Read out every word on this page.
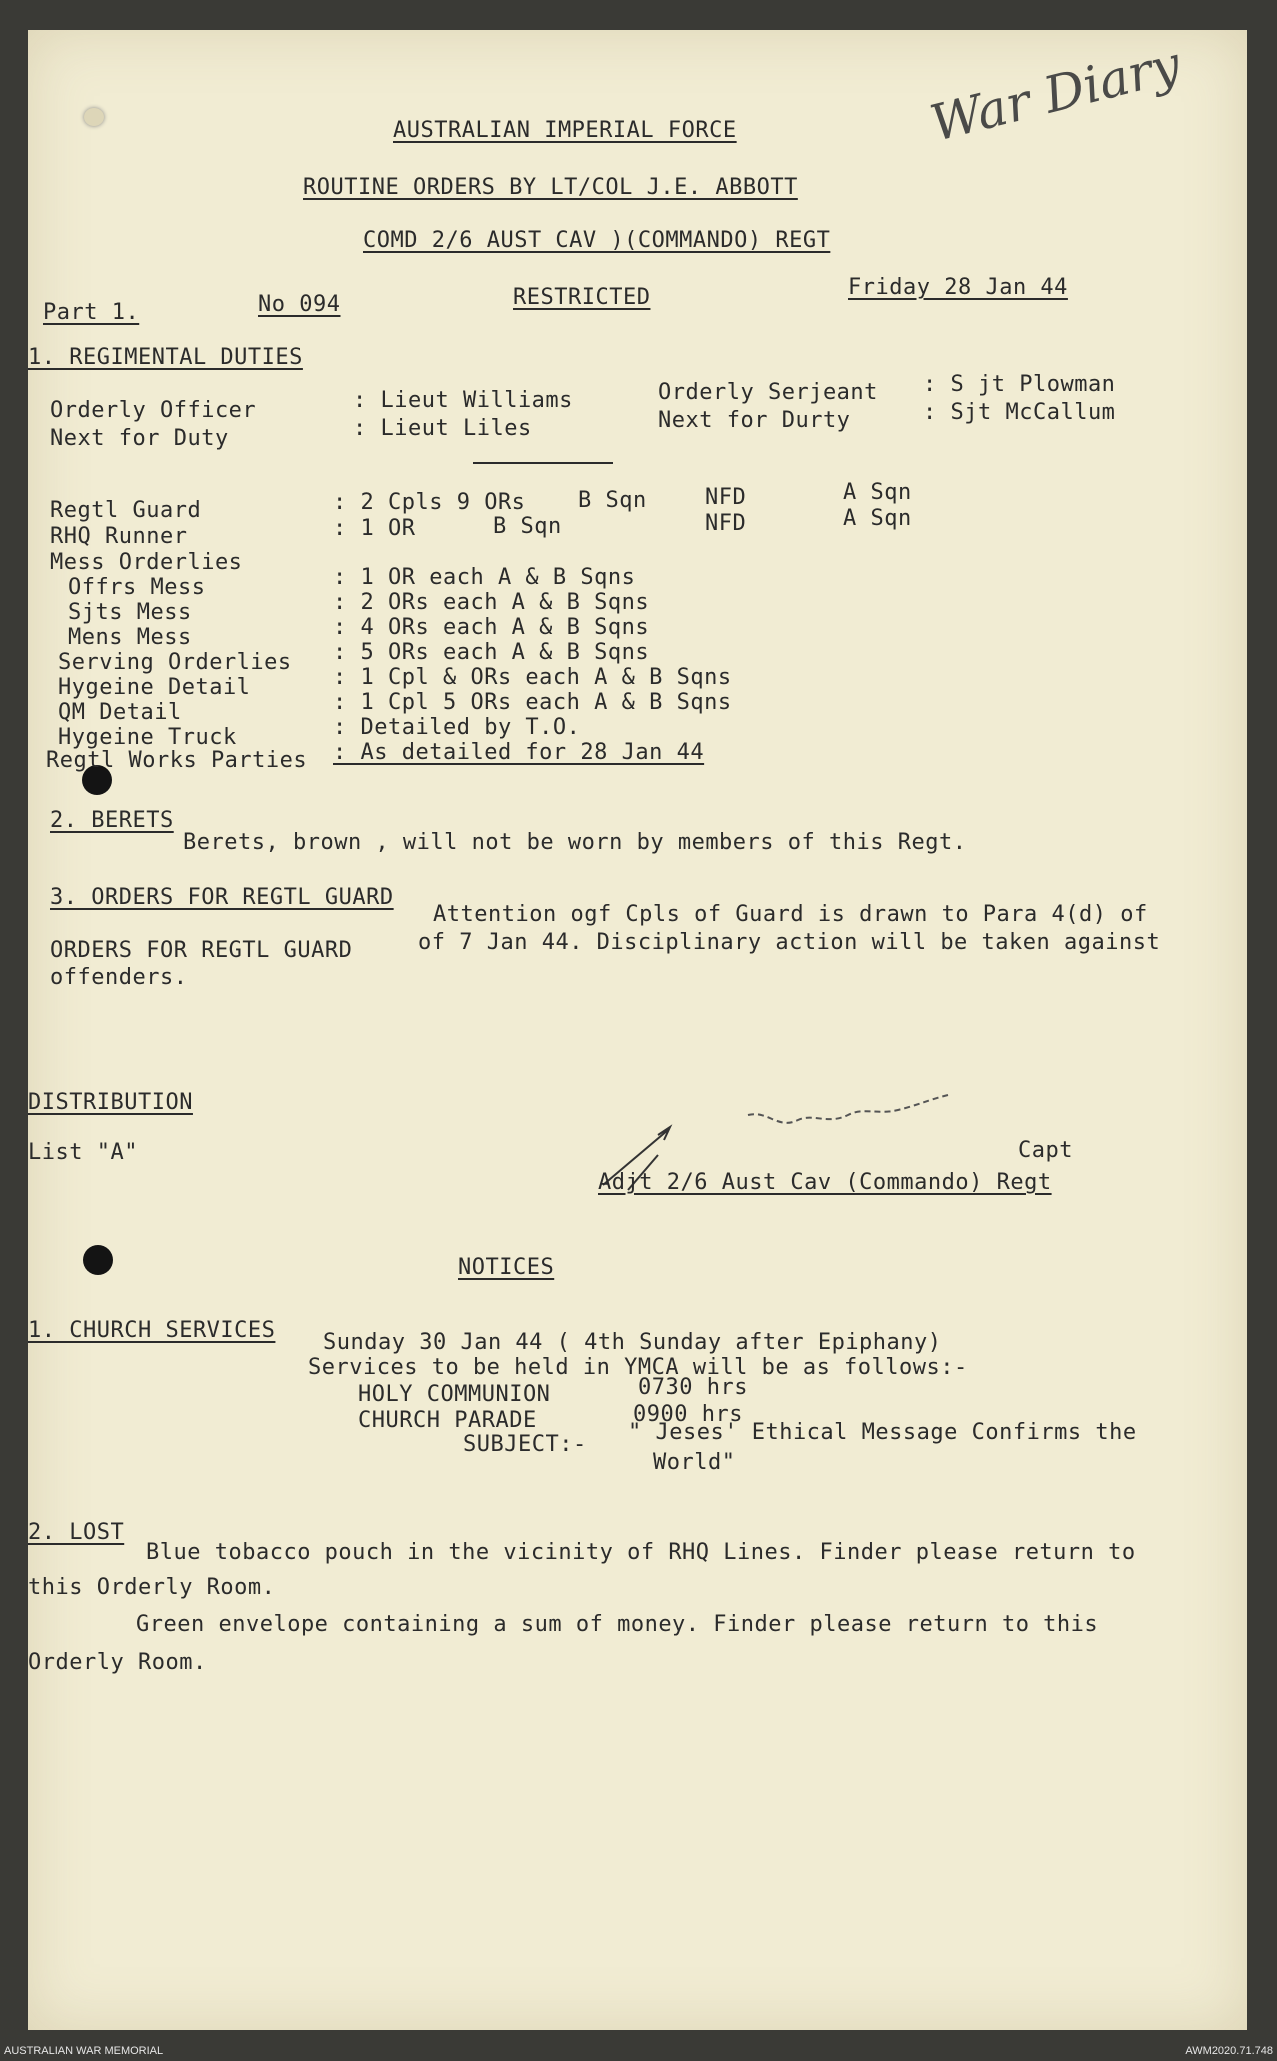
War Diary
AUSTRALIAN IMPERIAL FORCE
ROUTINE ORDERS BY LT/COL J.E. ABBOTT
COMD 2/6 AUST CAV )(COMMANDO) REGT
Part 1.	No 094	RESTRICTED	Friday 28 Jan 44
1. REGIMENTAL DUTIES
Orderly Officer	: Lieut Williams
Next for Duty	: Lieut Liles
Orderly Serjeant : S jt Plowman
Next for Durty	: Sjt McCallum
Regtl Guard	: 2 Cpls 9 ORs B Sqn	NFD	A Sqn
RHQ Runner	: 1 OR	B Sqn	NFD	A Sqn
Mess Orderlies
Offrs Mess	: 1 OR each A & B Sqns
Sjts Mess	: 2 ORs each A & B Sqns
Mens Mess	: 4 ORs each A & B Sqns
Serving Orderlies : 5 ORs each A & B Sqns
Hygeine Detail	: 1 Cpl & ORs each A & B Sqns
QM Detail	: 1 Cpl 5 ORs each A & B Sqns
Hygeine Truck	: Detailed by T.O.
Regtl Works Parties : As detailed for 28 Jan 44
2. BERETS
Berets, brown , will not be worn by members of this Regt.
3. ORDERS FOR REGTL GUARD
Attention ogf Cpls of Guard is drawn to Para 4(d) of
ORDERS FOR REGTL GUARD	of 7 Jan 44. Disciplinary action will be taken against
offenders.
DISTRIBUTION
List "A"	Capt
Adjt 2/6 Aust Cav (Commando) Regt
NOTICES
1. CHURCH SERVICES Sunday 30 Jan 44 ( 4th Sunday after Epiphany)
Services to be held in YMCA will be as follows:-
HOLY COMMUNION	0730 hrs
CHURCH PARADE	0900 hrs
SUBJECT:- " Jeses' Ethical Message Confirms the
World"
2. LOST
Blue tobacco pouch in the vicinity of RHQ Lines. Finder please return to
this Orderly Room.
Green envelope containing a sum of money. Finder please return to this
Orderly Room.
AUSTRALIAN WAR MEMORIAL	AWM2020.71.748
